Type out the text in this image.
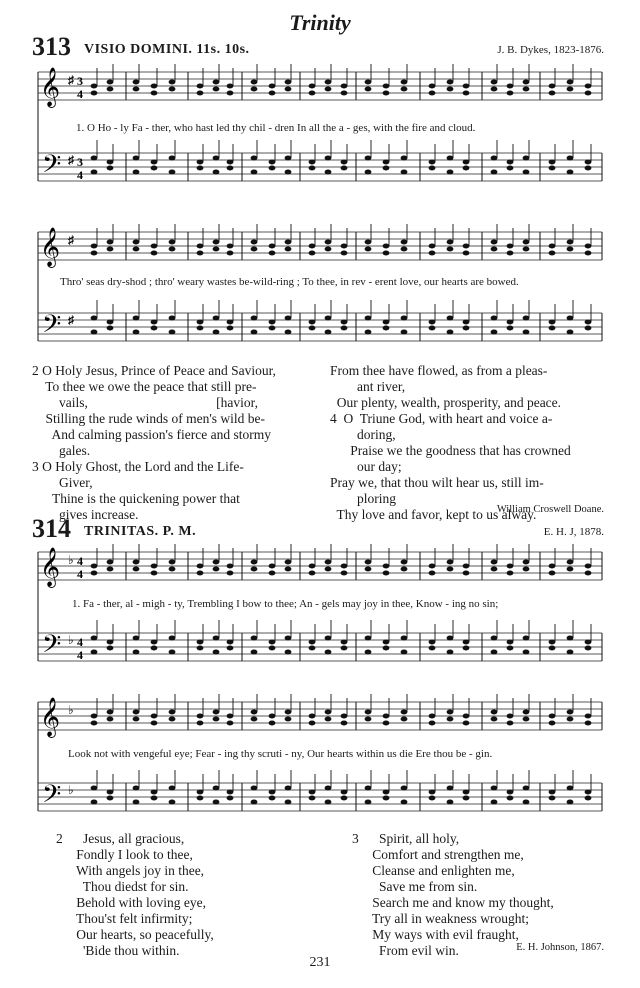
Trinity
313 VISIO DOMINI. 11s. 10s.	J. B. Dykes, 1823-1876.
𝄞
𝄢
♯
♯
3
4
3
4
1. O Ho - ly Fa - ther, who hast led thy chil - dren In all the a - ges, with the fire and cloud.
𝄞
𝄢
♯
♯
Thro' seas dry-shod ; thro' weary wastes be-wild-ring ; To thee, in rev - erent love, our hearts are bowed.
2 O Holy Jesus, Prince of Peace and Saviour,
To thee we owe the peace that still pre-
vails,                                      [havior,
Stilling the rude winds of men's wild be-
And calming passion's fierce and stormy
gales.
3 O Holy Ghost, the Lord and the Life-
Giver,
Thine is the quickening power that
gives increase.
From thee have flowed, as from a pleas-
ant river,
Our plenty, wealth, prosperity, and peace.
4  O  Triune God, with heart and voice a-
doring,
Praise we the goodness that has crowned
our day;
Pray we, that thou wilt hear us, still im-
ploring
Thy love and favor, kept to us alway.
William Croswell Doane.
314 TRINITAS. P. M.	E. H. J, 1878.
𝄞
𝄢
♭
♭
4
4
4
4
1. Fa - ther, al - migh - ty, Trembling I bow to thee; An - gels may joy in thee, Know - ing no sin;
𝄞
𝄢
♭
♭
Look not with vengeful eye; Fear - ing thy scruti - ny, Our hearts within us die Ere thou be - gin.
2      Jesus, all gracious,
Fondly I look to thee,
With angels joy in thee,
Thou diedst for sin.
Behold with loving eye,
Thou'st felt infirmity;
Our hearts, so peacefully,
'Bide thou within.
3      Spirit, all holy,
Comfort and strengthen me,
Cleanse and enlighten me,
Save me from sin.
Search me and know my thought,
Try all in weakness wrought;
My ways with evil fraught,
From evil win.	E. H. Johnson, 1867.
231
